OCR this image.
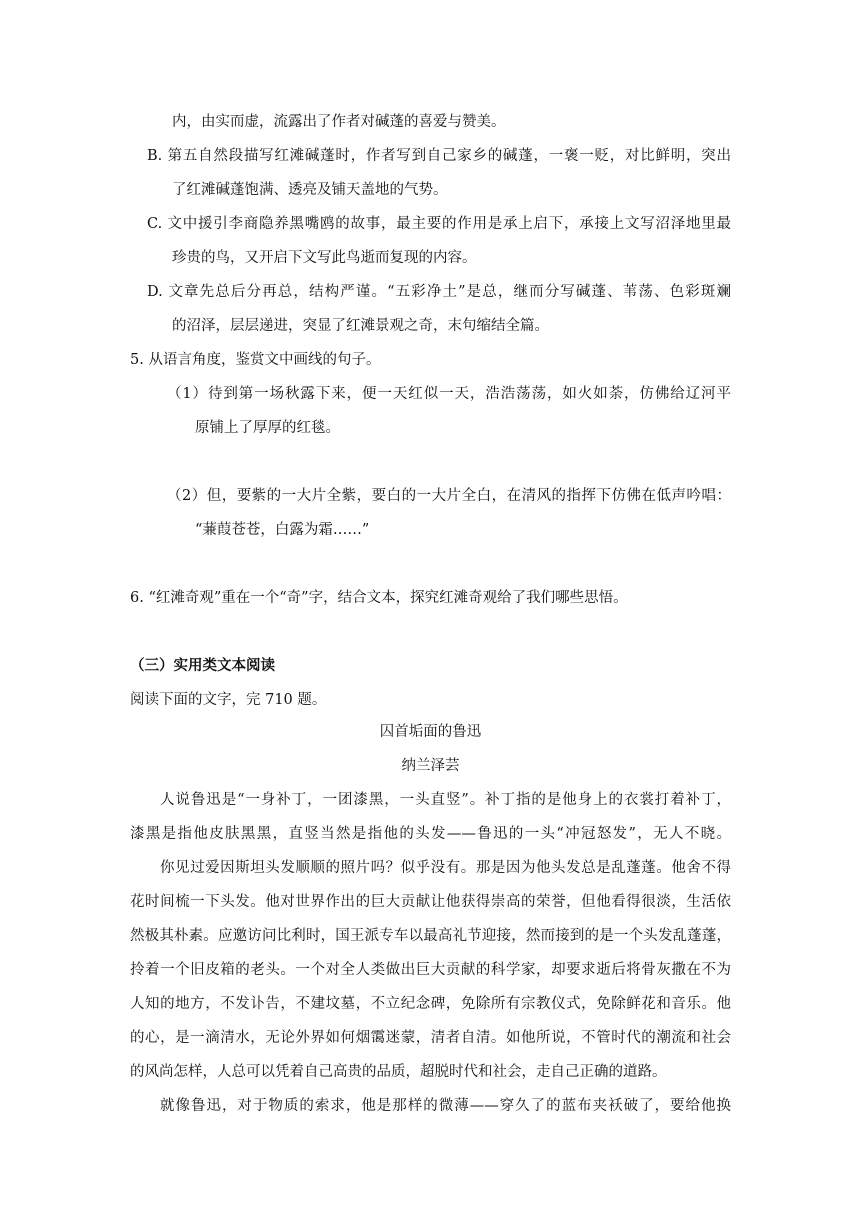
内，由实而虚，流露出了作者对碱蓬的喜爱与赞美。
B. 第五自然段描写红滩碱蓬时，作者写到自己家乡的碱蓬，一褒一贬，对比鲜明，突出
了红滩碱蓬饱满、透亮及铺天盖地的气势。
C. 文中援引李商隐养黑嘴鸥的故事，最主要的作用是承上启下，承接上文写沼泽地里最
珍贵的鸟，又开启下文写此鸟逝而复现的内容。
D. 文章先总后分再总，结构严谨。“五彩净土”是总，继而分写碱蓬、苇荡、色彩斑斓
的沼泽，层层递进，突显了红滩景观之奇，末句缩结全篇。
5. 从语言角度，鉴赏文中画线的句子。
（1）待到第一场秋露下来，便一天红似一天，浩浩荡荡，如火如荼，仿佛给辽河平
原铺上了厚厚的红毯。
（2）但，要紫的一大片全紫，要白的一大片全白，在清风的指挥下仿佛在低声吟唱：
“蒹葭苍苍，白露为霜……”
6. “红滩奇观”重在一个“奇”字，结合文本，探究红滩奇观给了我们哪些思悟。
（三）实用类文本阅读
阅读下面的文字，完 710 题。
囚首垢面的鲁迅
纳兰泽芸
人说鲁迅是“一身补丁，一团漆黑，一头直竖”。补丁指的是他身上的衣裳打着补丁，
漆黑是指他皮肤黑黑，直竖当然是指他的头发——鲁迅的一头“冲冠怒发”，无人不晓。
你见过爱因斯坦头发顺顺的照片吗？似乎没有。那是因为他头发总是乱蓬蓬。他舍不得
花时间梳一下头发。他对世界作出的巨大贡献让他获得崇高的荣誉，但他看得很淡，生活依
然极其朴素。应邀访问比利时，国王派专车以最高礼节迎接，然而接到的是一个头发乱蓬蓬，
拎着一个旧皮箱的老头。一个对全人类做出巨大贡献的科学家，却要求逝后将骨灰撒在不为
人知的地方，不发讣告，不建坟墓，不立纪念碑，免除所有宗教仪式，免除鲜花和音乐。他
的心，是一滴清水，无论外界如何烟霭迷蒙，清者自清。如他所说，不管时代的潮流和社会
的风尚怎样，人总可以凭着自己高贵的品质，超脱时代和社会，走自己正确的道路。
就像鲁迅，对于物质的索求，他是那样的微薄——穿久了的蓝布夹袄破了，要给他换
